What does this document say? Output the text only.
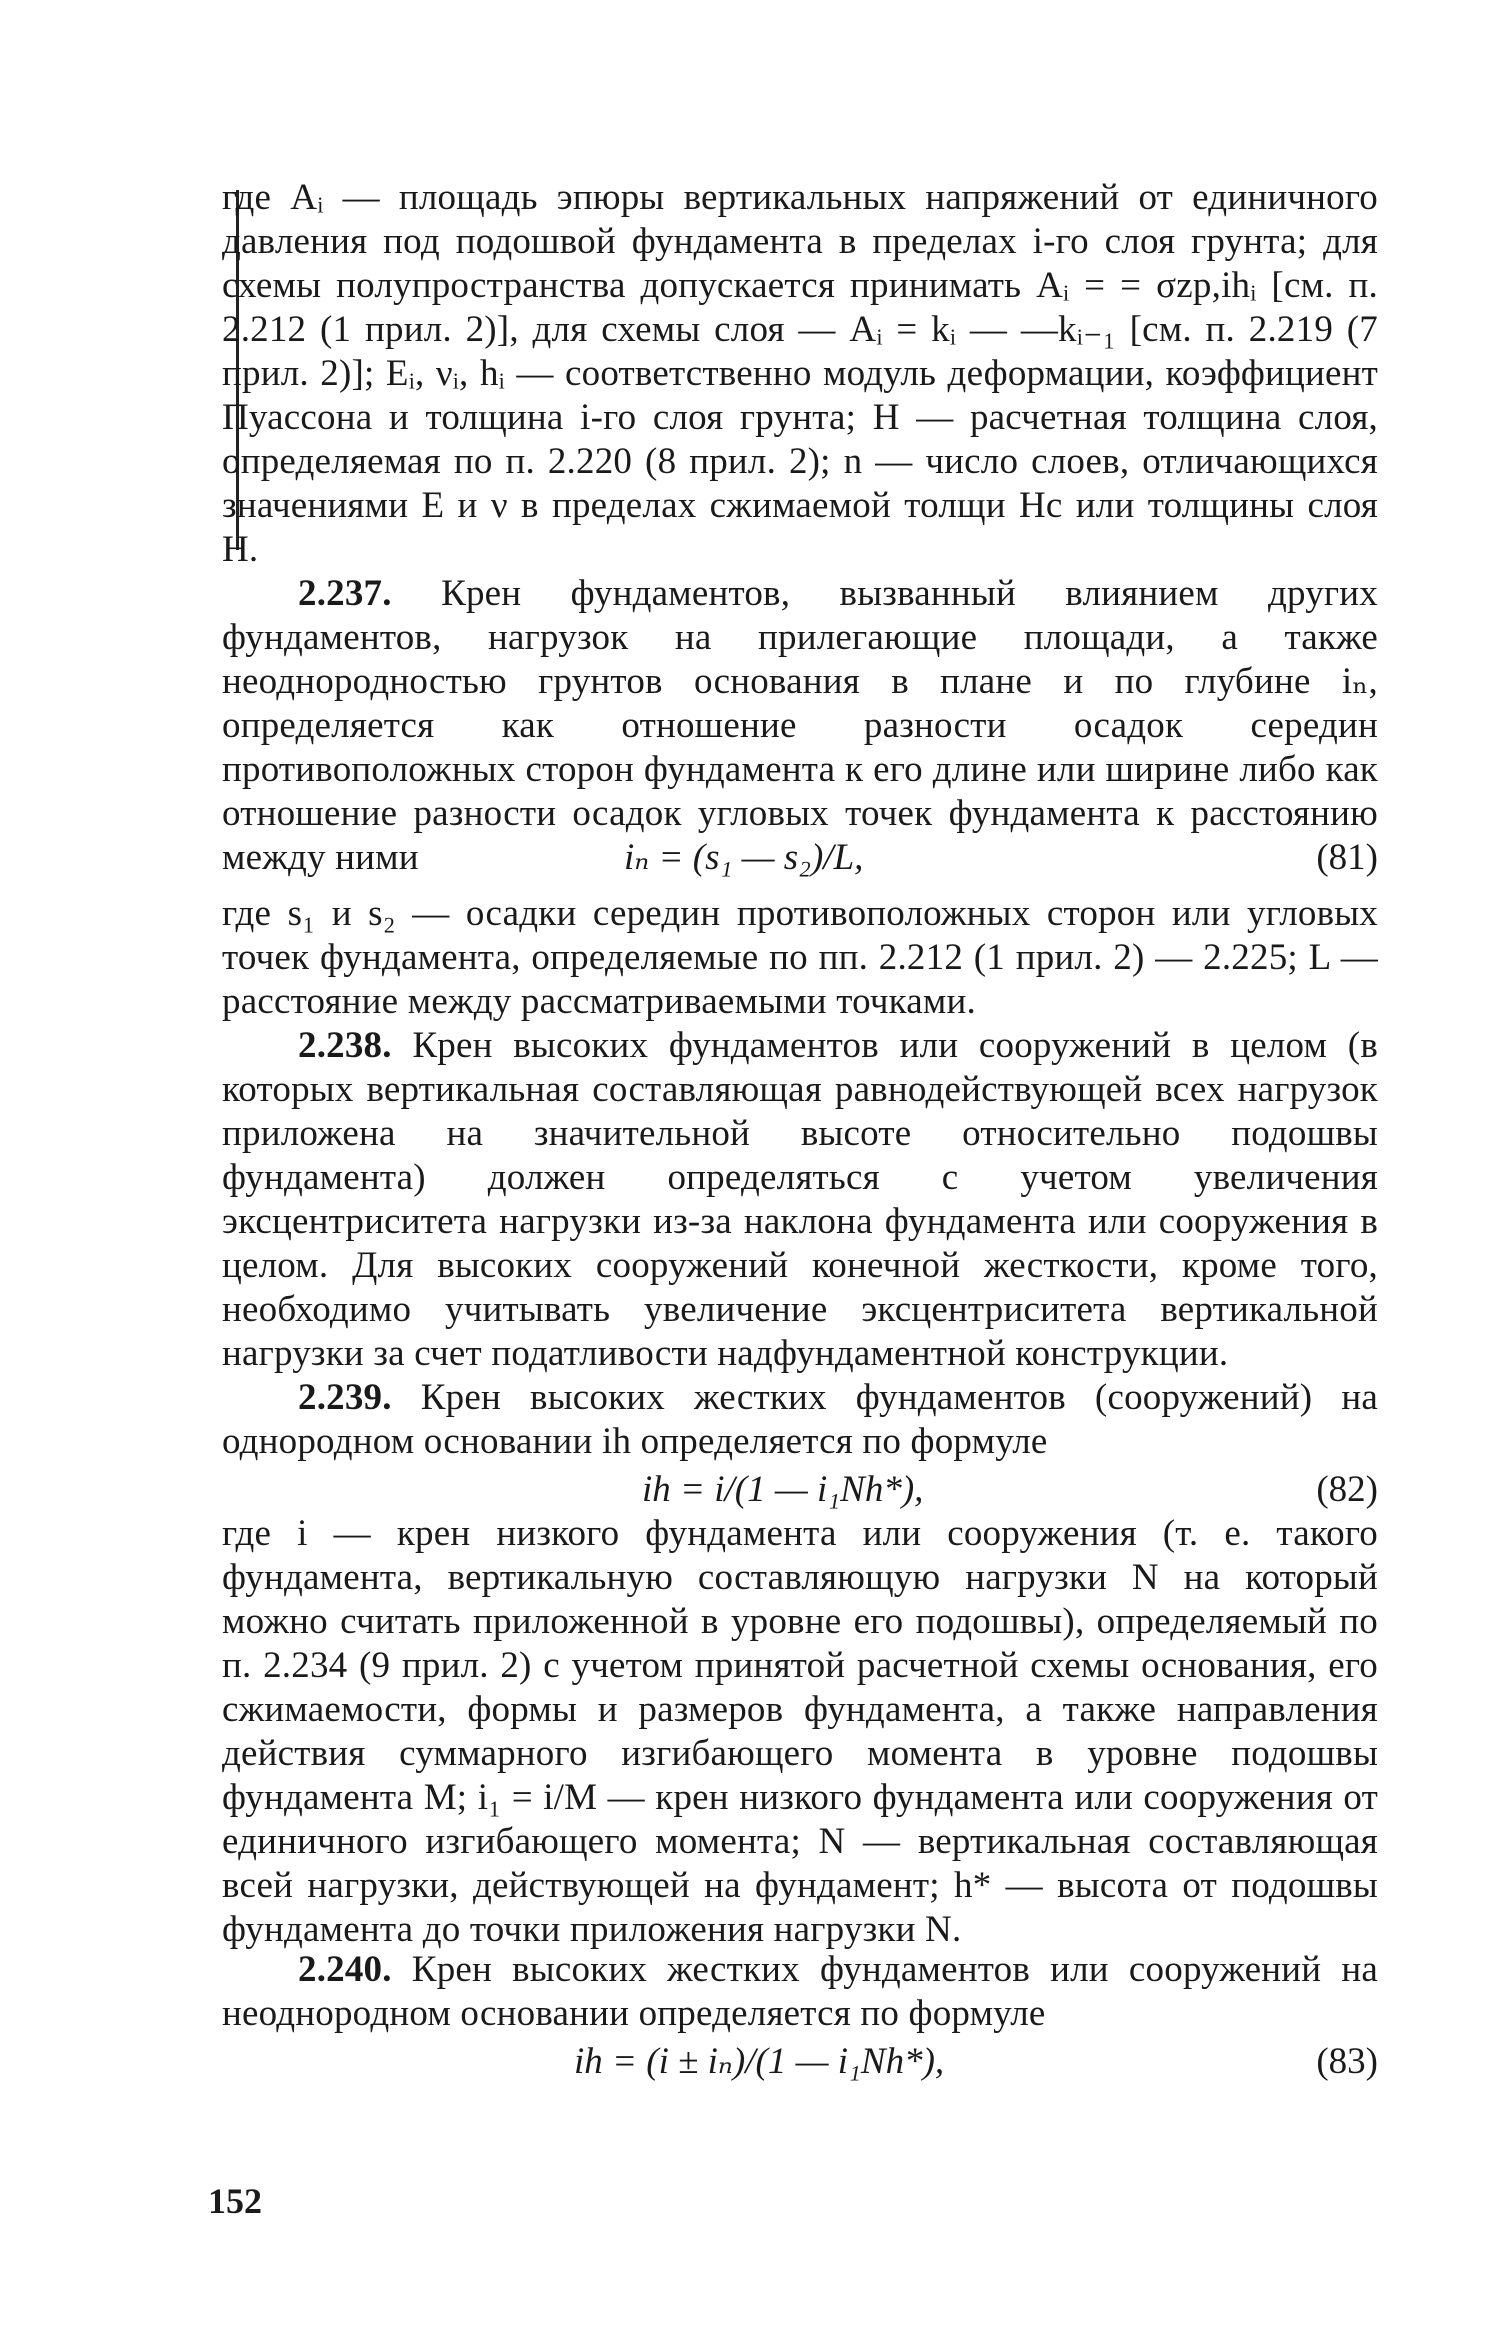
где Aᵢ — площадь эпюры вертикальных напряжений от единичного давления под подошвой фундамента в пределах i-го слоя грунта; для схемы полупространства допускается принимать Aᵢ = = σzp,ihᵢ [см. п. 2.212 (1 прил. 2)], для схемы слоя — Aᵢ = kᵢ — —kᵢ₋₁ [см. п. 2.219 (7 прил. 2)]; Eᵢ, νᵢ, hᵢ — соответственно модуль деформации, коэффициент Пуассона и толщина i-го слоя грунта; H — расчетная толщина слоя, определяемая по п. 2.220 (8 прил. 2); n — число слоев, отличающихся значениями E и ν в пределах сжимаемой толщи Hc или толщины слоя H.

2.237. Крен фундаментов, вызванный влиянием других фундаментов, нагрузок на прилегающие площади, а также неоднородностью грунтов основания в плане и по глубине iₙ, определяется как отношение разности осадок середин противоположных сторон фундамента к его длине или ширине либо как отношение разности осадок угловых точек фундамента к расстоянию между ними	iₙ = (s₁ — s₂)/L,	(81)

где s₁ и s₂ — осадки середин противоположных сторон или угловых точек фундамента, определяемые по пп. 2.212 (1 прил. 2) — 2.225; L — расстояние между рассматриваемыми точками.

2.238. Крен высоких фундаментов или сооружений в целом (в которых вертикальная составляющая равнодействующей всех нагрузок приложена на значительной высоте относительно подошвы фундамента) должен определяться с учетом увеличения эксцентриситета нагрузки из-за наклона фундамента или сооружения в целом. Для высоких сооружений конечной жесткости, кроме того, необходимо учитывать увеличение эксцентриситета вертикальной нагрузки за счет податливости надфундаментной конструкции.

2.239. Крен высоких жестких фундаментов (сооружений) на однородном основании ih определяется по формуле

ih = i/(1 — i₁Nh*),	(82)

где i — крен низкого фундамента или сооружения (т. е. такого фундамента, вертикальную составляющую нагрузки N на который можно считать приложенной в уровне его подошвы), определяемый по п. 2.234 (9 прил. 2) с учетом принятой расчетной схемы основания, его сжимаемости, формы и размеров фундамента, а также направления действия суммарного изгибающего момента в уровне подошвы фундамента M; i₁ = i/M — крен низкого фундамента или сооружения от единичного изгибающего момента; N — вертикальная составляющая всей нагрузки, действующей на фундамент; h* — высота от подошвы фундамента до точки приложения нагрузки N.

2.240. Крен высоких жестких фундаментов или сооружений на неоднородном основании определяется по формуле

ih = (i ± iₙ)/(1 — i₁Nh*),	(83)
152
